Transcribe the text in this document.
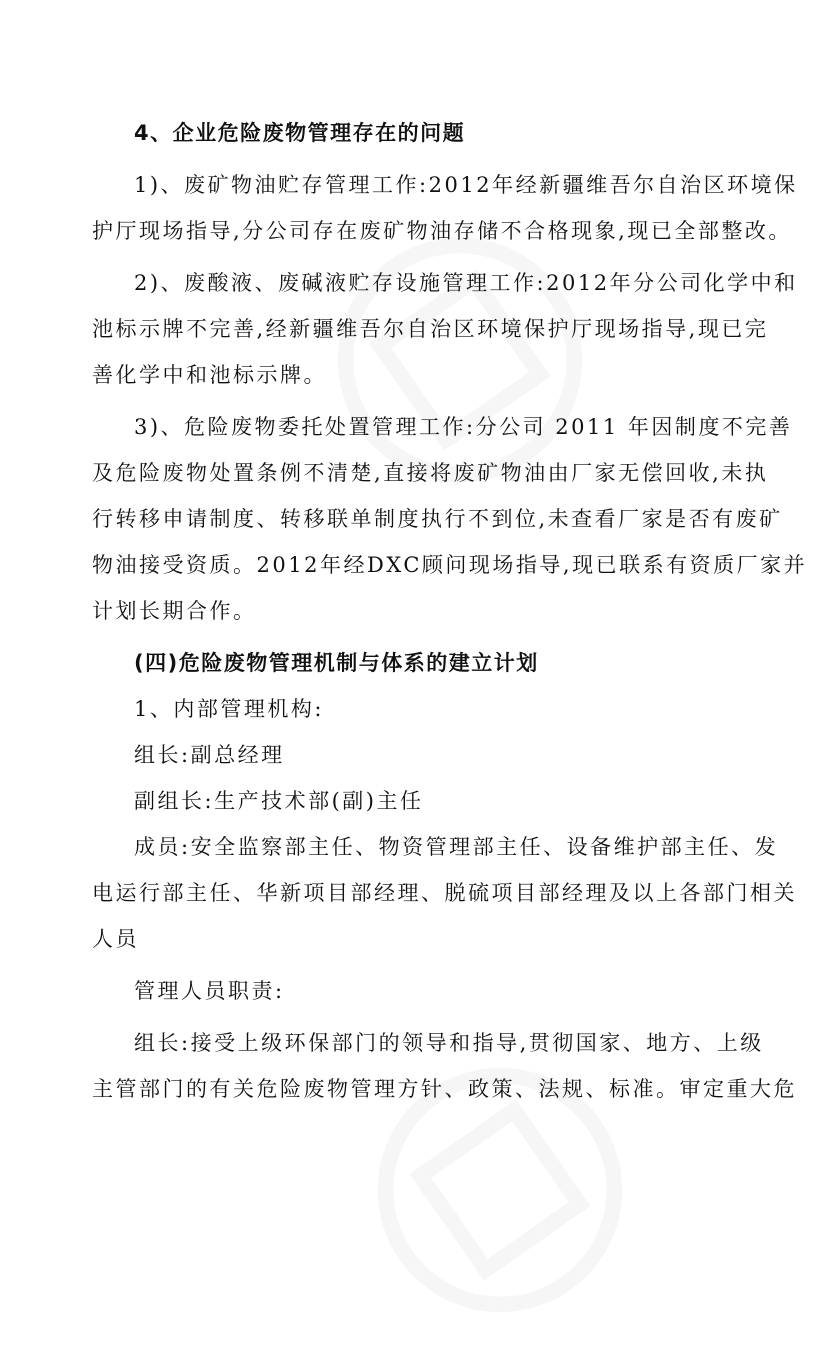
4、企业危险废物管理存在的问题
1)、废矿物油贮存管理工作:2012年经新疆维吾尔自治区环境保
护厅现场指导,分公司存在废矿物油存储不合格现象,现已全部整改。
2)、废酸液、废碱液贮存设施管理工作:2012年分公司化学中和
池标示牌不完善,经新疆维吾尔自治区环境保护厅现场指导,现已完
善化学中和池标示牌。
3)、危险废物委托处置管理工作:分公司 2011 年因制度不完善
及危险废物处置条例不清楚,直接将废矿物油由厂家无偿回收,未执
行转移申请制度、转移联单制度执行不到位,未查看厂家是否有废矿
物油接受资质。2012年经DXC顾问现场指导,现已联系有资质厂家并
计划长期合作。
(四)危险废物管理机制与体系的建立计划
1、内部管理机构:
组长:副总经理
副组长:生产技术部(副)主任
成员:安全监察部主任、物资管理部主任、设备维护部主任、发
电运行部主任、华新项目部经理、脱硫项目部经理及以上各部门相关
人员
管理人员职责:
组长:接受上级环保部门的领导和指导,贯彻国家、地方、上级
主管部门的有关危险废物管理方针、政策、法规、标准。审定重大危
